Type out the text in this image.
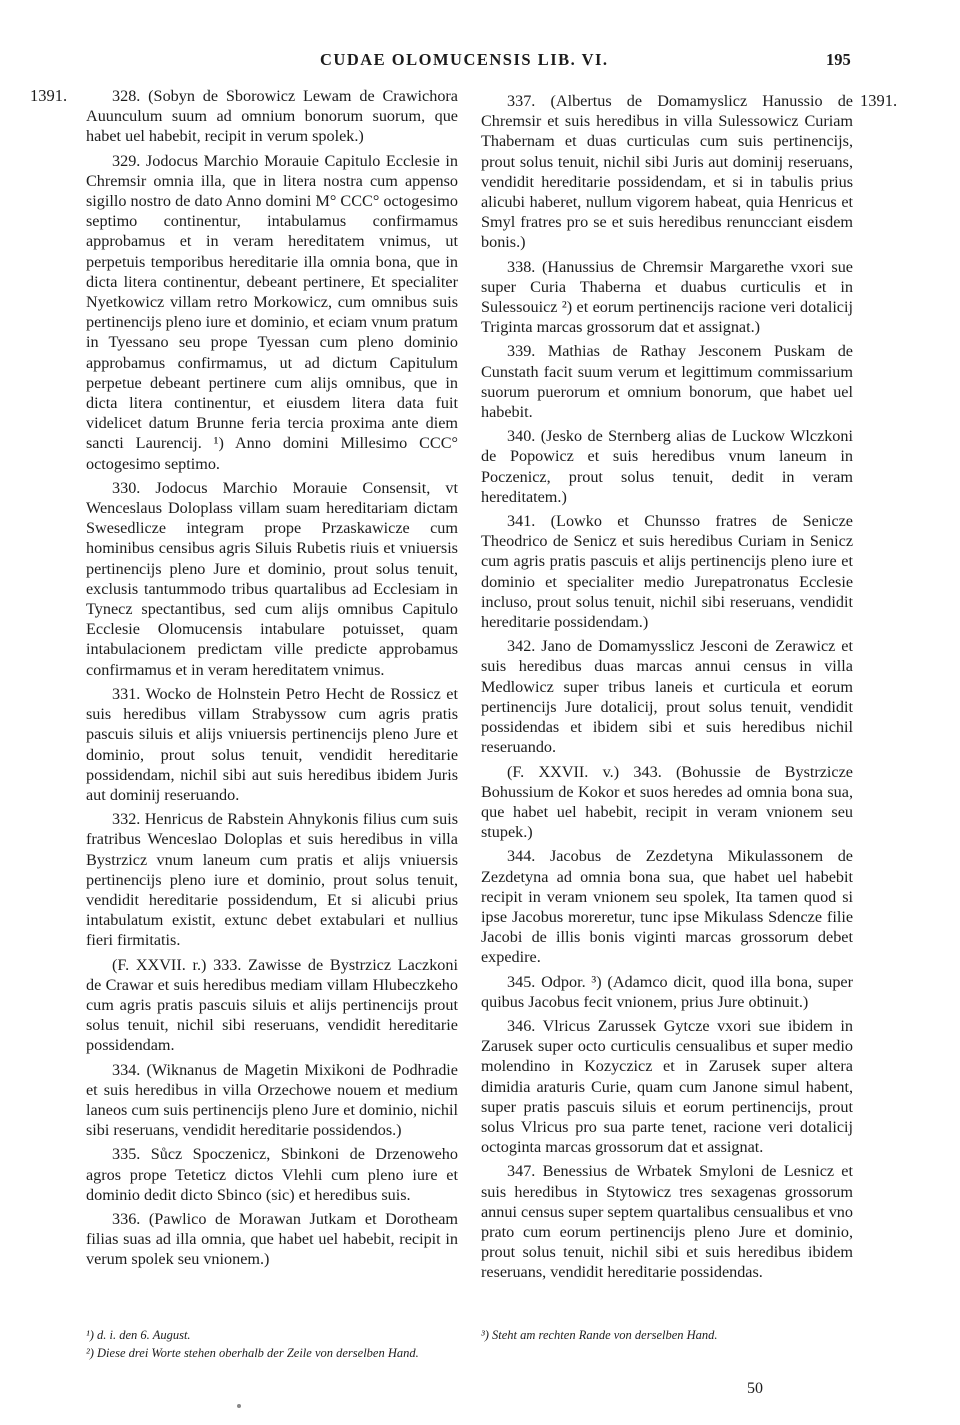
CUDAE OLOMUCENSIS LIB. VI.	195
1391.	1391.

328. (Sobyn de Sborowicz Lewam de Crawichora Auunculum suum ad omnium bonorum suorum, que habet uel habebit, recipit in verum spolek.)

329. Jodocus Marchio Morauie Capitulo Ecclesie in Chremsir omnia illa, que in litera nostra cum appenso sigillo nostro de dato Anno domini M° CCC° octogesimo septimo continentur, intabulamus confirmamus approbamus et in veram hereditatem vnimus, ut perpetuis temporibus hereditarie illa omnia bona, que in dicta litera continentur, debeant pertinere, Et specialiter Nyetkowicz villam retro Morkowicz, cum omnibus suis pertinencijs pleno iure et dominio, et eciam vnum pratum in Tyessano seu prope Tyessan cum pleno dominio approbamus confirmamus, ut ad dictum Capitulum perpetue debeant pertinere cum alijs omnibus, que in dicta litera continentur, et eiusdem litera data fuit videlicet datum Brunne feria tercia proxima ante diem sancti Laurencij. ¹) Anno domini Millesimo CCC° octogesimo septimo.

330. Jodocus Marchio Morauie Consensit, vt Wenceslaus Doloplass villam suam hereditariam dictam Swesedlicze integram prope Przaskawicze cum hominibus censibus agris Siluis Rubetis riuis et vniuersis pertinencijs pleno Jure et dominio, prout solus tenuit, exclusis tantummodo tribus quartalibus ad Ecclesiam in Tynecz spectantibus, sed cum alijs omnibus Capitulo Ecclesie Olomucensis intabulare potuisset, quam intabulacionem predictam ville predicte approbamus confirmamus et in veram hereditatem vnimus.

331. Wocko de Holnstein Petro Hecht de Rossicz et suis heredibus villam Strabyssow cum agris pratis pascuis siluis et alijs vniuersis pertinencijs pleno Jure et dominio, prout solus tenuit, vendidit hereditarie possidendam, nichil sibi aut suis heredibus ibidem Juris aut dominij reseruando.

332. Henricus de Rabstein Ahnykonis filius cum suis fratribus Wenceslao Doloplas et suis heredibus in villa Bystrzicz vnum laneum cum pratis et alijs vniuersis pertinencijs pleno iure et dominio, prout solus tenuit, vendidit hereditarie possidendum, Et si alicubi prius intabulatum existit, extunc debet extabulari et nullius fieri firmitatis.

(F. XXVII. r.) 333. Zawisse de Bystrzicz Laczkoni de Crawar et suis heredibus mediam villam Hlubeczkeho cum agris pratis pascuis siluis et alijs pertinencijs prout solus tenuit, nichil sibi reseruans, vendidit hereditarie possidendam.

334. (Wiknanus de Magetin Mixikoni de Podhradie et suis heredibus in villa Orzechowe nouem et medium laneos cum suis pertinencijs pleno Jure et dominio, nichil sibi reseruans, vendidit hereditarie possidendos.)

335. Sůcz Spoczenicz, Sbinkoni de Drzenoweho agros prope Teteticz dictos Vlehli cum pleno iure et dominio dedit dicto Sbinco (sic) et heredibus suis.

336. (Pawlico de Morawan Jutkam et Dorotheam filias suas ad illa omnia, que habet uel habebit, recipit in verum spolek seu vnionem.)

337. (Albertus de Domamyslicz Hanussio de Chremsir et suis heredibus in villa Sulessowicz Curiam Thabernam et duas curticulas cum suis pertinencijs, prout solus tenuit, nichil sibi Juris aut dominij reseruans, vendidit hereditarie possidendam, et si in tabulis prius alicubi haberet, nullum vigorem habeat, quia Henricus et Smyl fratres pro se et suis heredibus renuncciant eisdem bonis.)

338. (Hanussius de Chremsir Margarethe vxori sue super Curia Thaberna et duabus curticulis et in Sulessouicz ²) et eorum pertinencijs racione veri dotalicij Triginta marcas grossorum dat et assignat.)

339. Mathias de Rathay Jesconem Puskam de Cunstath facit suum verum et legittimum commissarium suorum puerorum et omnium bonorum, que habet uel habebit.

340. (Jesko de Sternberg alias de Luckow Wlczkoni de Popowicz et suis heredibus vnum laneum in Poczenicz, prout solus tenuit, dedit in veram hereditatem.)

341. (Lowko et Chunsso fratres de Senicze Theodrico de Senicz et suis heredibus Curiam in Senicz cum agris pratis pascuis et alijs pertinencijs pleno iure et dominio et specialiter medio Jurepatronatus Ecclesie incluso, prout solus tenuit, nichil sibi reseruans, vendidit hereditarie possidendam.)

342. Jano de Domamysslicz Jesconi de Zerawicz et suis heredibus duas marcas annui census in villa Medlowicz super tribus laneis et curticula et eorum pertinencijs Jure dotalicij, prout solus tenuit, vendidit possidendas et ibidem sibi et suis heredibus nichil reseruando.

(F. XXVII. v.) 343. (Bohussie de Bystrzicze Bohussium de Kokor et suos heredes ad omnia bona sua, que habet uel habebit, recipit in veram vnionem seu stupek.)

344. Jacobus de Zezdetyna Mikulassonem de Zezdetyna ad omnia bona sua, que habet uel habebit recipit in veram vnionem seu spolek, Ita tamen quod si ipse Jacobus moreretur, tunc ipse Mikulass Sdencze filie Jacobi de illis bonis viginti marcas grossorum debet expedire.

345. Odpor. ³) (Adamco dicit, quod illa bona, super quibus Jacobus fecit vnionem, prius Jure obtinuit.)

346. Vlricus Zarussek Gytcze vxori sue ibidem in Zarusek super octo curticulis censualibus et super medio molendino in Kozyczicz et in Zarusek super altera dimidia araturis Curie, quam cum Janone simul habent, super pratis pascuis siluis et eorum pertinencijs, prout solus Vlricus pro sua parte tenet, racione veri dotalicij octoginta marcas grossorum dat et assignat.

347. Benessius de Wrbatek Smyloni de Lesnicz et suis heredibus in Stytowicz tres sexagenas grossorum annui census super septem quartalibus censualibus et vno prato cum eorum pertinencijs pleno Jure et dominio, prout solus tenuit, nichil sibi et suis heredibus ibidem reseruans, vendidit hereditarie possidendas.

¹) d. i. den 6. August.

²) Diese drei Worte stehen oberhalb der Zeile von derselben Hand.

³) Steht am rechten Rande von derselben Hand.

50
